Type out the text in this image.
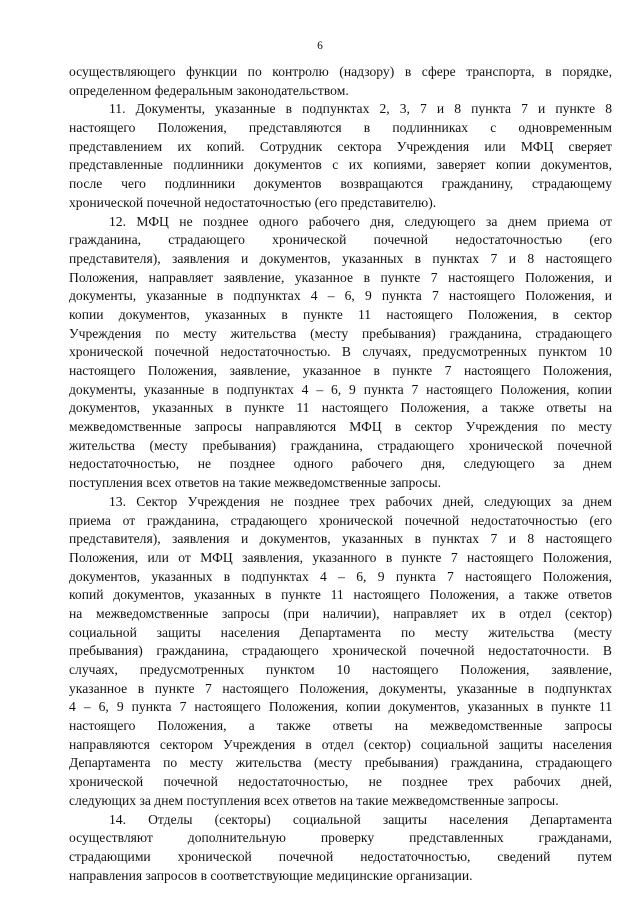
6
осуществляющего функции по контролю (надзору) в сфере транспорта, в порядке,
определенном федеральным законодательством.
11. Документы, указанные в подпунктах 2, 3, 7 и 8 пункта 7 и пункте 8
настоящего Положения, представляются в подлинниках с одновременным
представлением их копий. Сотрудник сектора Учреждения или МФЦ сверяет
представленные подлинники документов с их копиями, заверяет копии документов,
после чего подлинники документов возвращаются гражданину, страдающему
хронической почечной недостаточностью (его представителю).
12. МФЦ не позднее одного рабочего дня, следующего за днем приема от
гражданина, страдающего хронической почечной недостаточностью (его
представителя), заявления и документов, указанных в пунктах 7 и 8 настоящего
Положения, направляет заявление, указанное в пункте 7 настоящего Положения, и
документы, указанные в подпунктах 4 – 6, 9 пункта 7 настоящего Положения, и
копии документов, указанных в пункте 11 настоящего Положения, в сектор
Учреждения по месту жительства (месту пребывания) гражданина, страдающего
хронической почечной недостаточностью. В случаях, предусмотренных пунктом 10
настоящего Положения, заявление, указанное в пункте 7 настоящего Положения,
документы, указанные в подпунктах 4 – 6, 9 пункта 7 настоящего Положения, копии
документов, указанных в пункте 11 настоящего Положения, а также ответы на
межведомственные запросы направляются МФЦ в сектор Учреждения по месту
жительства (месту пребывания) гражданина, страдающего хронической почечной
недостаточностью, не позднее одного рабочего дня, следующего за днем
поступления всех ответов на такие межведомственные запросы.
13. Сектор Учреждения не позднее трех рабочих дней, следующих за днем
приема от гражданина, страдающего хронической почечной недостаточностью (его
представителя), заявления и документов, указанных в пунктах 7 и 8 настоящего
Положения, или от МФЦ заявления, указанного в пункте 7 настоящего Положения,
документов, указанных в подпунктах 4 – 6, 9 пункта 7 настоящего Положения,
копий документов, указанных в пункте 11 настоящего Положения, а также ответов
на межведомственные запросы (при наличии), направляет их в отдел (сектор)
социальной защиты населения Департамента по месту жительства (месту
пребывания) гражданина, страдающего хронической почечной недостаточности. В
случаях, предусмотренных пунктом 10 настоящего Положения, заявление,
указанное в пункте 7 настоящего Положения, документы, указанные в подпунктах
4 – 6, 9 пункта 7 настоящего Положения, копии документов, указанных в пункте 11
настоящего Положения, а также ответы на межведомственные запросы
направляются сектором Учреждения в отдел (сектор) социальной защиты населения
Департамента по месту жительства (месту пребывания) гражданина, страдающего
хронической почечной недостаточностью, не позднее трех рабочих дней,
следующих за днем поступления всех ответов на такие межведомственные запросы.
14. Отделы (секторы) социальной защиты населения Департамента
осуществляют дополнительную проверку представленных гражданами,
страдающими хронической почечной недостаточностью, сведений путем
направления запросов в соответствующие медицинские организации.
